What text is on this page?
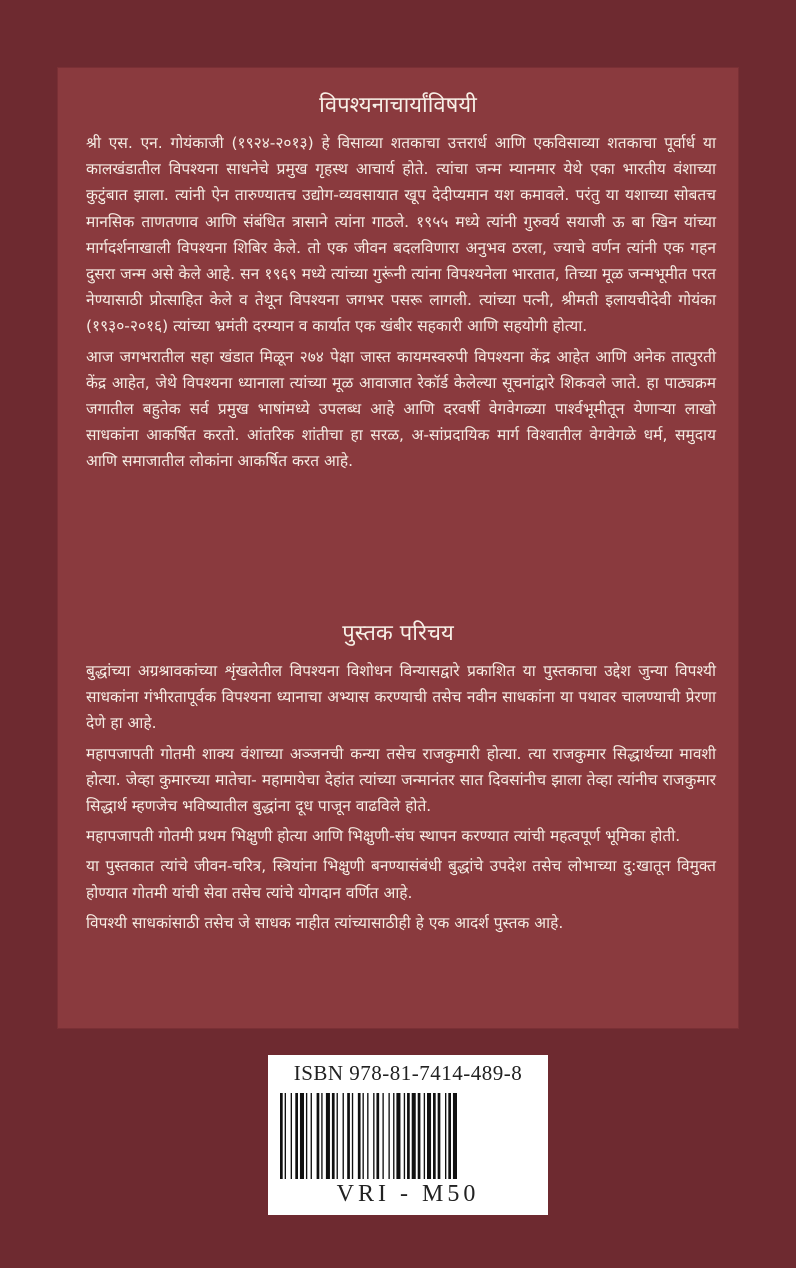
विपश्यनाचार्यांविषयी

श्री एस. एन. गोयंकाजी (१९२४-२०१३) हे विसाव्या शतकाचा उत्तरार्ध आणि एकविसाव्या शतकाचा पूर्वार्ध या कालखंडातील विपश्यना साधनेचे प्रमुख गृहस्थ आचार्य होते. त्यांचा जन्म म्यानमार येथे एका भारतीय वंशाच्या कुटुंबात झाला. त्यांनी ऐन तारुण्यातच उद्योग-व्यवसायात खूप देदीप्यमान यश कमावले. परंतु या यशाच्या सोबतच मानसिक ताणतणाव आणि संबंधित त्रासाने त्यांना गाठले. १९५५ मध्ये त्यांनी गुरुवर्य सयाजी ऊ बा खिन यांच्या मार्गदर्शनाखाली विपश्यना शिबिर केले. तो एक जीवन बदलविणारा अनुभव ठरला, ज्याचे वर्णन त्यांनी एक गहन दुसरा जन्म असे केले आहे. सन १९६९ मध्ये त्यांच्या गुरूंनी त्यांना विपश्यनेला भारतात, तिच्या मूळ जन्मभूमीत परत नेण्यासाठी प्रोत्साहित केले व तेथून विपश्यना जगभर पसरू लागली. त्यांच्या पत्नी, श्रीमती इलायचीदेवी गोयंका (१९३०-२०१६) त्यांच्या भ्रमंती दरम्यान व कार्यात एक खंबीर सहकारी आणि सहयोगी होत्या.

आज जगभरातील सहा खंडात मिळून २७४ पेक्षा जास्त कायमस्वरुपी विपश्यना केंद्र आहेत आणि अनेक तात्पुरती केंद्र आहेत, जेथे विपश्यना ध्यानाला त्यांच्या मूळ आवाजात रेकॉर्ड केलेल्या सूचनांद्वारे शिकवले जाते. हा पाठ्यक्रम जगातील बहुतेक सर्व प्रमुख भाषांमध्ये उपलब्ध आहे आणि दरवर्षी वेगवेगळ्या पार्श्वभूमीतून येणाऱ्या लाखो साधकांना आकर्षित करतो. आंतरिक शांतीचा हा सरळ, अ-सांप्रदायिक मार्ग विश्वातील वेगवेगळे धर्म, समुदाय आणि समाजातील लोकांना आकर्षित करत आहे.

पुस्तक परिचय

बुद्धांच्या अग्रश्रावकांच्या शृंखलेतील विपश्यना विशोधन विन्यासद्वारे प्रकाशित या पुस्तकाचा उद्देश जुन्या विपश्यी साधकांना गंभीरतापूर्वक विपश्यना ध्यानाचा अभ्यास करण्याची तसेच नवीन साधकांना या पथावर चालण्याची प्रेरणा देणे हा आहे.

महापजापती गोतमी शाक्य वंशाच्या अञ्जनची कन्या तसेच राजकुमारी होत्या. त्या राजकुमार सिद्धार्थच्या मावशी होत्या. जेव्हा कुमारच्या मातेचा- महामायेचा देहांत त्यांच्या जन्मानंतर सात दिवसांनीच झाला तेव्हा त्यांनीच राजकुमार सिद्धार्थ म्हणजेच भविष्यातील बुद्धांना दूध पाजून वाढविले होते.

महापजापती गोतमी प्रथम भिक्षुणी होत्या आणि भिक्षुणी-संघ स्थापन करण्यात त्यांची महत्वपूर्ण भूमिका होती.

या पुस्तकात त्यांचे जीवन-चरित्र, स्त्रियांना भिक्षुणी बनण्यासंबंधी बुद्धांचे उपदेश तसेच लोभाच्या दु:खातून विमुक्त होण्यात गोतमी यांची सेवा तसेच त्यांचे योगदान वर्णित आहे.

विपश्यी साधकांसाठी तसेच जे साधक नाहीत त्यांच्यासाठीही हे एक आदर्श पुस्तक आहे.

ISBN 978-81-7414-489-8
VRI - M50
